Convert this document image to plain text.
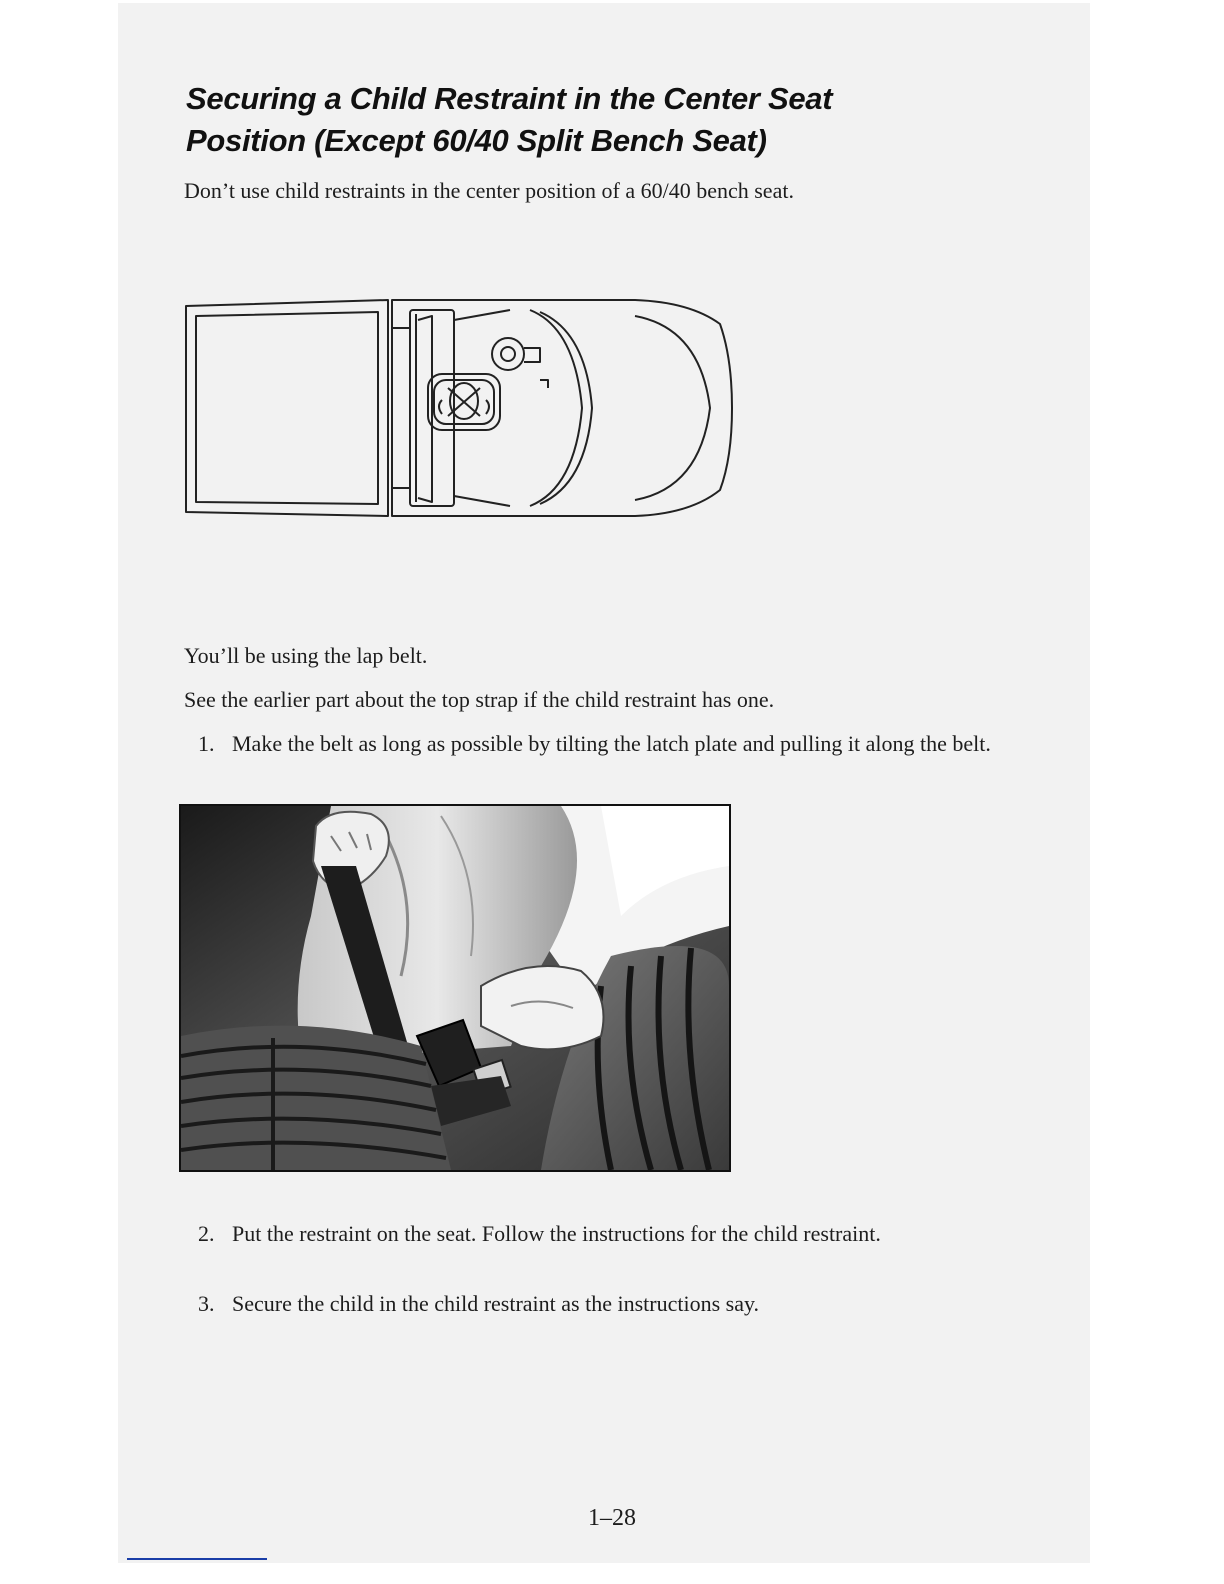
Securing a Child Restraint in the Center Seat
Position (Except 60/40 Split Bench Seat)

Don’t use child restraints in the center position of a 60/40 bench seat.

You’ll be using the lap belt.

See the earlier part about the top strap if the child restraint has one.

1. Make the belt as long as possible by tilting the latch plate and pulling it along the belt.
2. Put the restraint on the seat. Follow the instructions for the child restraint.
3. Secure the child in the child restraint as the instructions say.
1–28
